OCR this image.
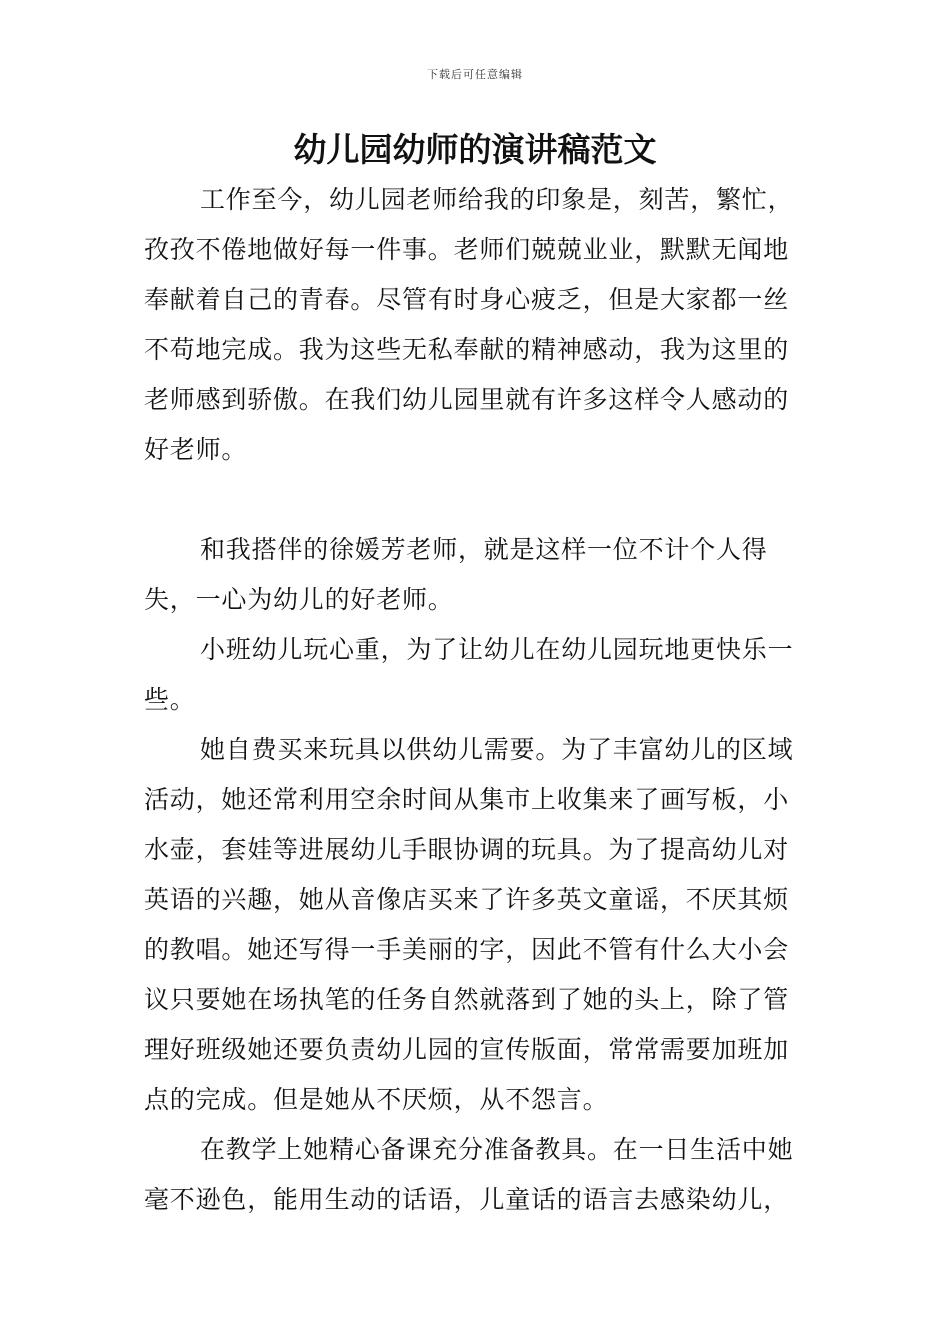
下载后可任意编辑
幼儿园幼师的演讲稿范文

工作至今，幼儿园老师给我的印象是，刻苦，繁忙，孜孜不倦地做好每一件事。老师们兢兢业业，默默无闻地奉献着自己的青春。尽管有时身心疲乏，但是大家都一丝不苟地完成。我为这些无私奉献的精神感动，我为这里的老师感到骄傲。在我们幼儿园里就有许多这样令人感动的好老师。

和我搭伴的徐媛芳老师，就是这样一位不计个人得失，一心为幼儿的好老师。

小班幼儿玩心重，为了让幼儿在幼儿园玩地更快乐一些。

她自费买来玩具以供幼儿需要。为了丰富幼儿的区域活动，她还常利用空余时间从集市上收集来了画写板，小水壶，套娃等进展幼儿手眼协调的玩具。为了提高幼儿对英语的兴趣，她从音像店买来了许多英文童谣，不厌其烦的教唱。她还写得一手美丽的字，因此不管有什么大小会议只要她在场执笔的任务自然就落到了她的头上，除了管理好班级她还要负责幼儿园的宣传版面，常常需要加班加点的完成。但是她从不厌烦，从不怨言。

在教学上她精心备课充分准备教具。在一日生活中她毫不逊色，能用生动的话语，儿童话的语言去感染幼儿，
